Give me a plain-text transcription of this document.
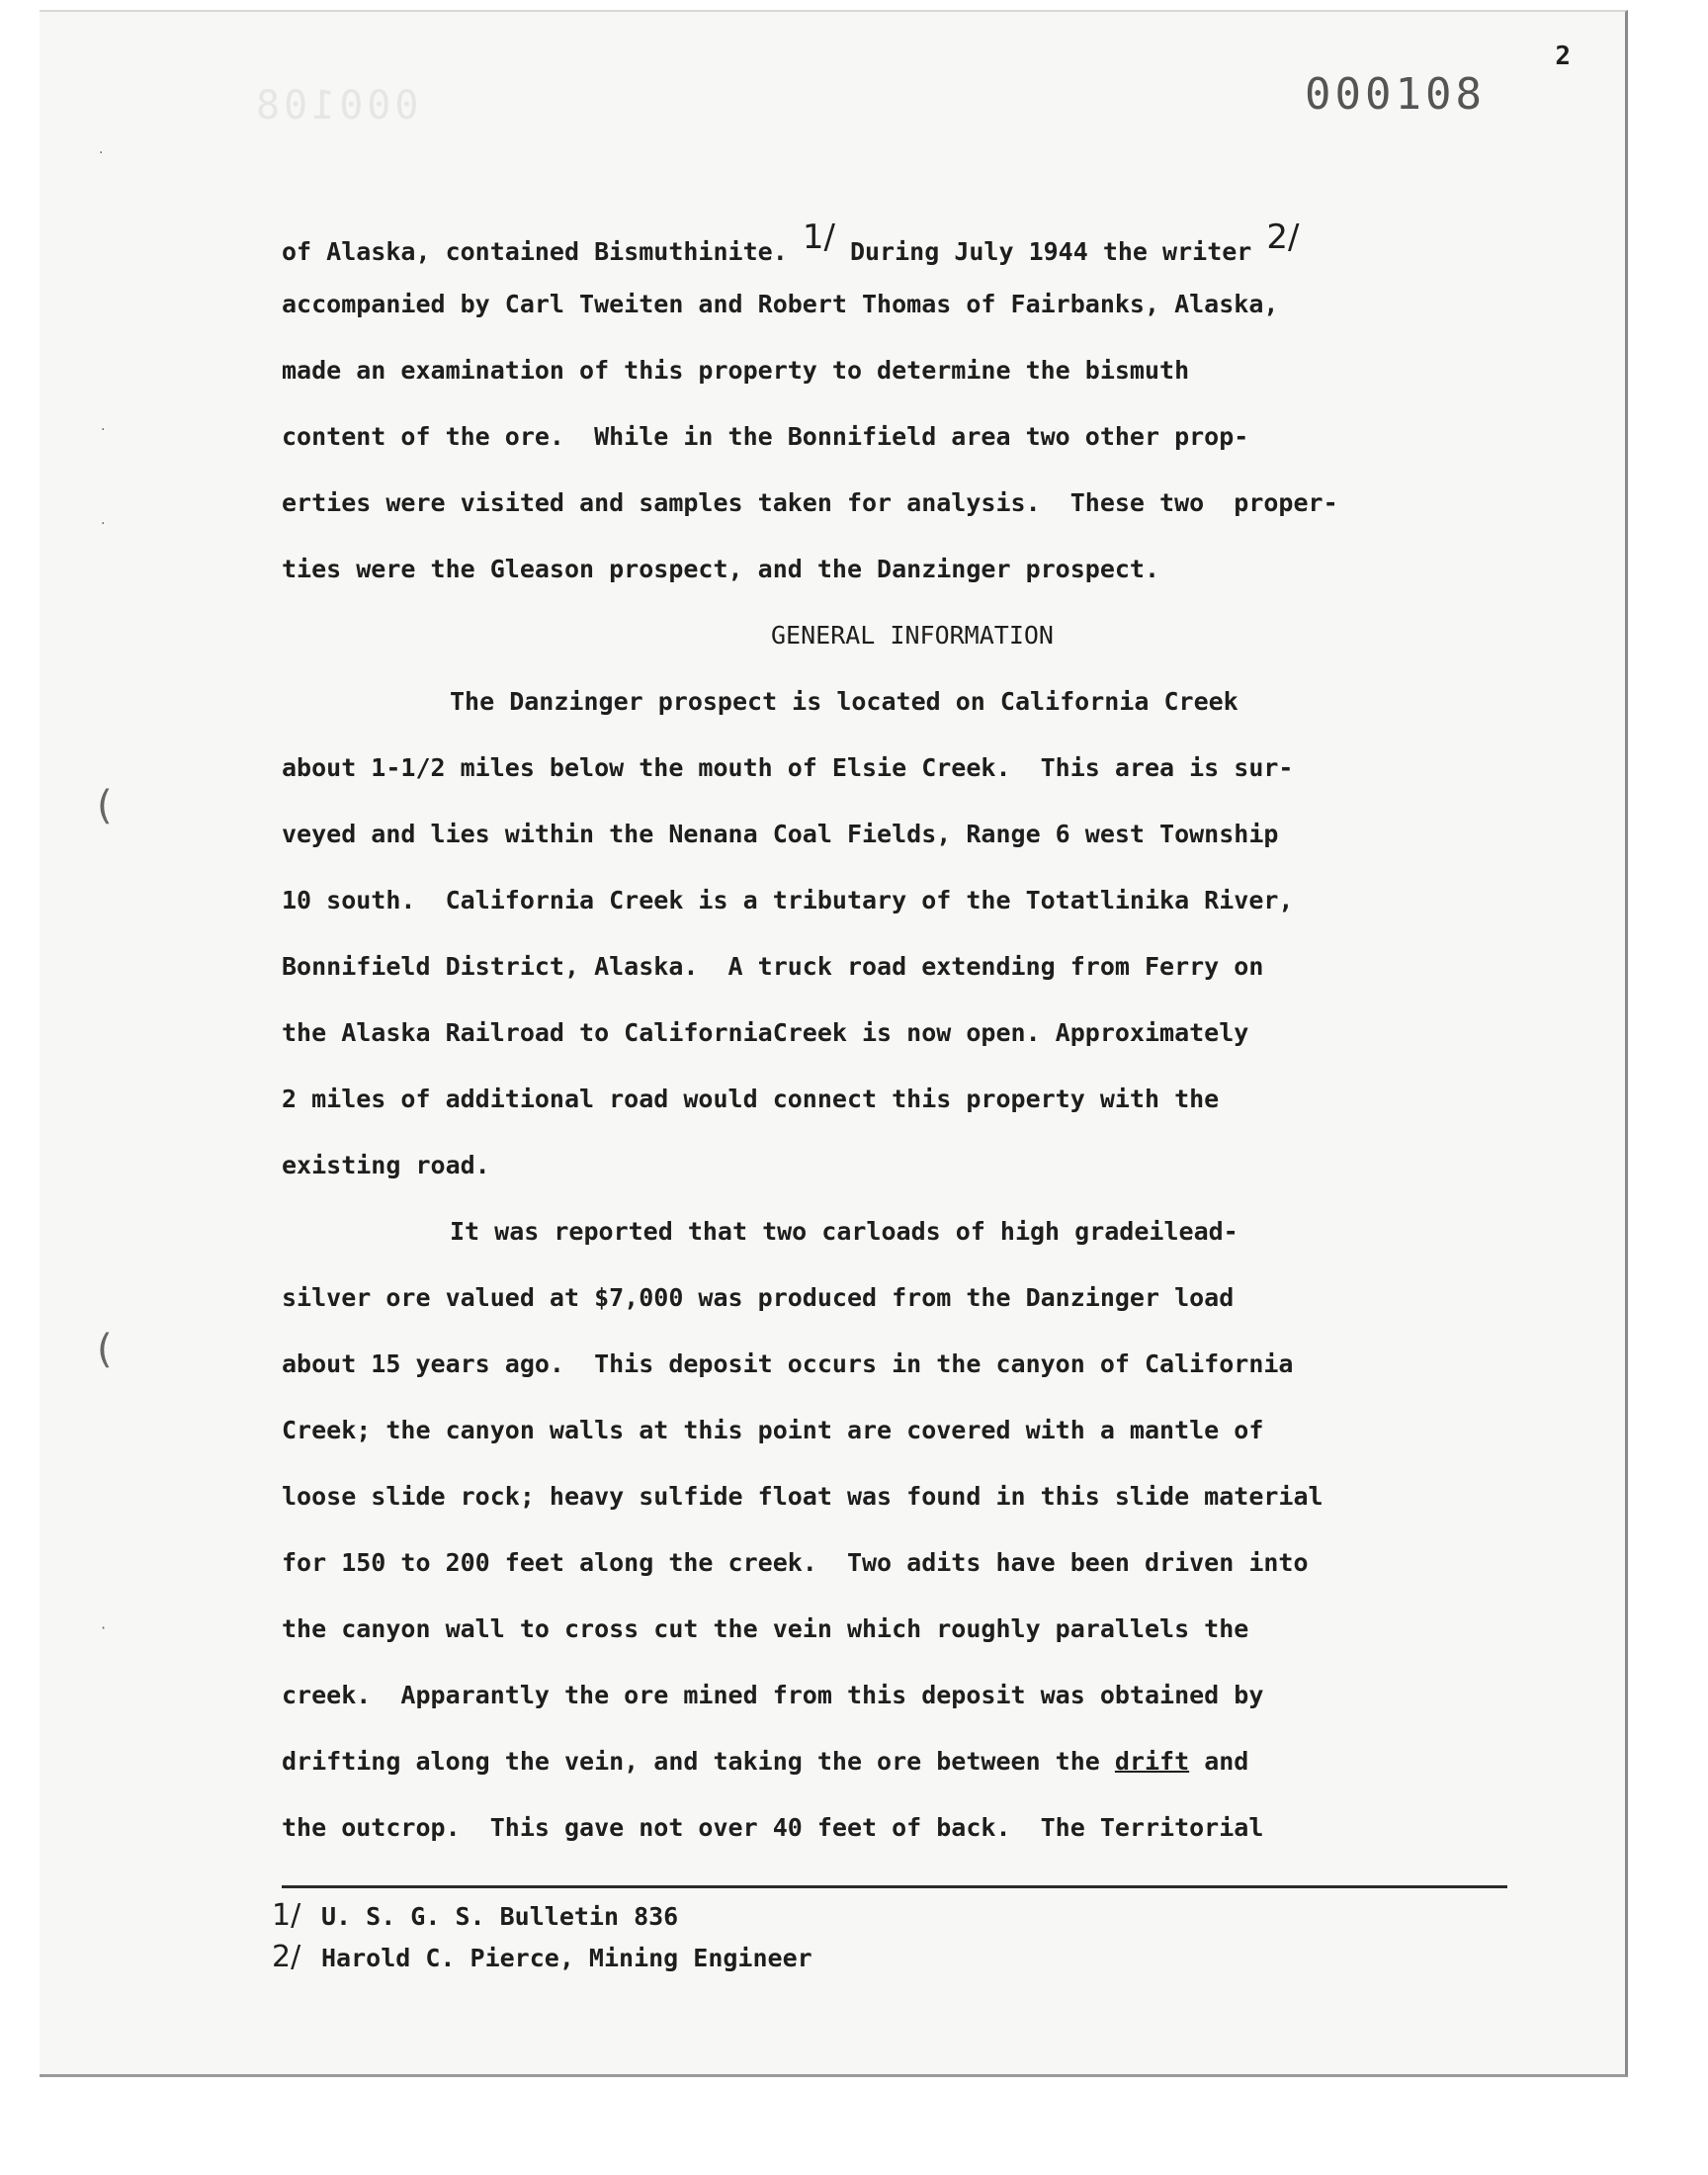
000108	000108
2
·
·
·
(
(
·
of Alaska, contained Bismuthinite. 1/ During July 1944 the writer 2/
accompanied by Carl Tweiten and Robert Thomas of Fairbanks, Alaska,
made an examination of this property to determine the bismuth
content of the ore.  While in the Bonnifield area two other prop-
erties were visited and samples taken for analysis.  These two  proper-
ties were the Gleason prospect, and the Danzinger prospect.
GENERAL INFORMATION
The Danzinger prospect is located on California Creek
about 1-1/2 miles below the mouth of Elsie Creek.  This area is sur-
veyed and lies within the Nenana Coal Fields, Range 6 west Township
10 south.  California Creek is a tributary of the Totatlinika River,
Bonnifield District, Alaska.  A truck road extending from Ferry on
the Alaska Railroad to CaliforniaCreek is now open. Approximately
2 miles of additional road would connect this property with the
existing road.
It was reported that two carloads of high gradeilead-
silver ore valued at $7,000 was produced from the Danzinger load
about 15 years ago.  This deposit occurs in the canyon of California
Creek; the canyon walls at this point are covered with a mantle of
loose slide rock; heavy sulfide float was found in this slide material
for 150 to 200 feet along the creek.  Two adits have been driven into
the canyon wall to cross cut the vein which roughly parallels the
creek.  Apparantly the ore mined from this deposit was obtained by
drifting along the vein, and taking the ore between the drift and
the outcrop.  This gave not over 40 feet of back.  The Territorial
1/ U. S. G. S. Bulletin 836
2/ Harold C. Pierce, Mining Engineer
